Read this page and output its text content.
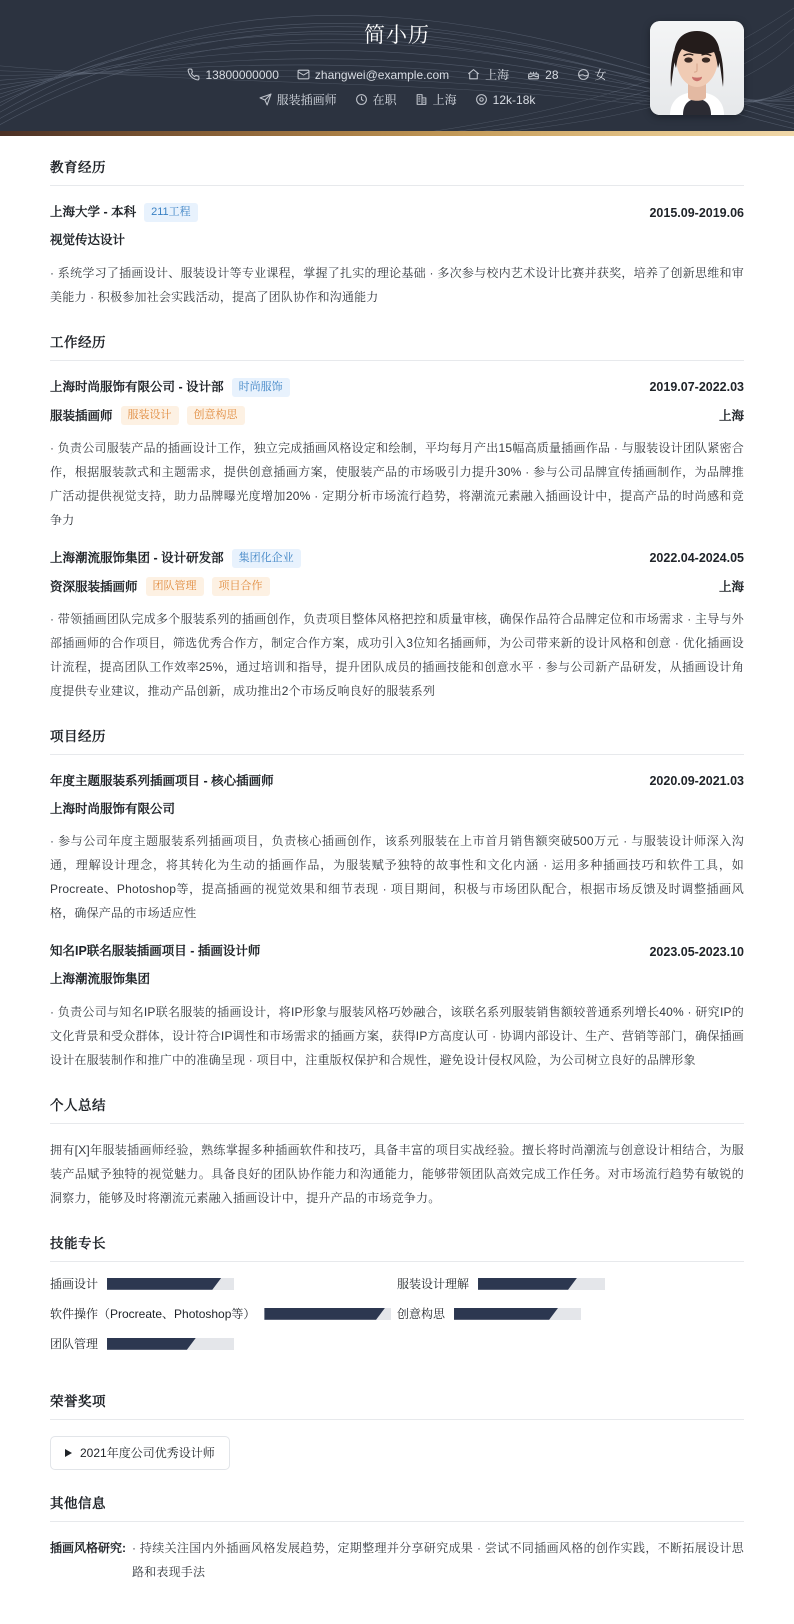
简小历
13800000000	zhangwei@example.com	上海	28	女
服装插画师	在职	上海	12k-18k
教育经历
上海大学 - 本科	211工程	2015.09-2019.06
视觉传达设计
· 系统学习了插画设计、服装设计等专业课程，掌握了扎实的理论基础 · 多次参与校内艺术设计比赛并获奖，培养了创新思维和审美能力 · 积极参加社会实践活动，提高了团队协作和沟通能力
工作经历
上海时尚服饰有限公司 - 设计部	时尚服饰	2019.07-2022.03
服装插画师	服装设计	创意构思	上海
· 负责公司服装产品的插画设计工作，独立完成插画风格设定和绘制，平均每月产出15幅高质量插画作品 · 与服装设计团队紧密合作，根据服装款式和主题需求，提供创意插画方案，使服装产品的市场吸引力提升30% · 参与公司品牌宣传插画制作，为品牌推广活动提供视觉支持，助力品牌曝光度增加20% · 定期分析市场流行趋势，将潮流元素融入插画设计中，提高产品的时尚感和竞争力
上海潮流服饰集团 - 设计研发部	集团化企业	2022.04-2024.05
资深服装插画师	团队管理	项目合作	上海
· 带领插画团队完成多个服装系列的插画创作，负责项目整体风格把控和质量审核，确保作品符合品牌定位和市场需求 · 主导与外部插画师的合作项目，筛选优秀合作方，制定合作方案，成功引入3位知名插画师，为公司带来新的设计风格和创意 · 优化插画设计流程，提高团队工作效率25%，通过培训和指导，提升团队成员的插画技能和创意水平 · 参与公司新产品研发，从插画设计角度提供专业建议，推动产品创新，成功推出2个市场反响良好的服装系列
项目经历
年度主题服装系列插画项目 - 核心插画师	2020.09-2021.03
上海时尚服饰有限公司
· 参与公司年度主题服装系列插画项目，负责核心插画创作，该系列服装在上市首月销售额突破500万元 · 与服装设计师深入沟通，理解设计理念，将其转化为生动的插画作品，为服装赋予独特的故事性和文化内涵 · 运用多种插画技巧和软件工具，如Procreate、Photoshop等，提高插画的视觉效果和细节表现 · 项目期间，积极与市场团队配合，根据市场反馈及时调整插画风格，确保产品的市场适应性
知名IP联名服装插画项目 - 插画设计师	2023.05-2023.10
上海潮流服饰集团
· 负责公司与知名IP联名服装的插画设计，将IP形象与服装风格巧妙融合，该联名系列服装销售额较普通系列增长40% · 研究IP的文化背景和受众群体，设计符合IP调性和市场需求的插画方案，获得IP方高度认可 · 协调内部设计、生产、营销等部门，确保插画设计在服装制作和推广中的准确呈现 · 项目中，注重版权保护和合规性，避免设计侵权风险，为公司树立良好的品牌形象
个人总结
拥有[X]年服装插画师经验，熟练掌握多种插画软件和技巧，具备丰富的项目实战经验。擅长将时尚潮流与创意设计相结合，为服装产品赋予独特的视觉魅力。具备良好的团队协作能力和沟通能力，能够带领团队高效完成工作任务。对市场流行趋势有敏锐的洞察力，能够及时将潮流元素融入插画设计中，提升产品的市场竞争力。
技能专长
插画设计	服装设计理解
软件操作（Procreate、Photoshop等）	创意构思
团队管理
荣誉奖项
2021年度公司优秀设计师
其他信息
插画风格研究: · 持续关注国内外插画风格发展趋势，定期整理并分享研究成果 · 尝试不同插画风格的创作实践，不断拓展设计思路和表现手法
